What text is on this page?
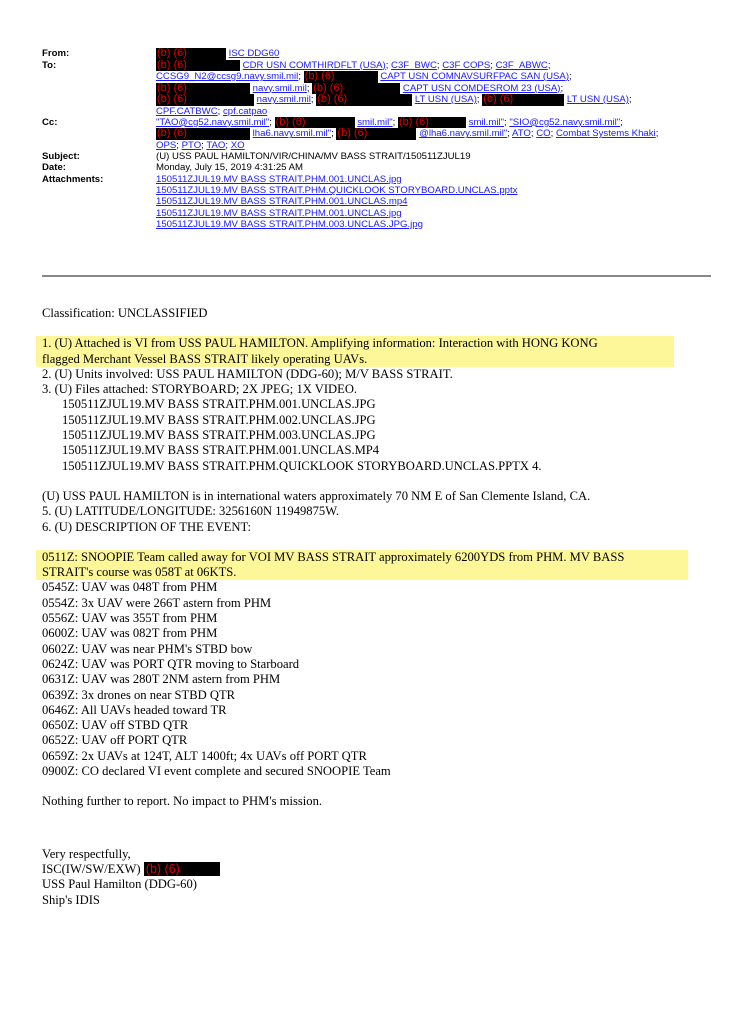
From:	(b) (6)	ISC DDG60
To:	(b) (6)	CDR USN COMTHIRDFLT (USA); C3F_BWC; C3F COPS; C3F_ABWC;
CCSG9_N2@ccsg9.navy.smil.mil; (b) (6)	CAPT USN COMNAVSURFPAC SAN (USA);
(b) (6)	navy.smil.mil; (b) (6)	CAPT USN COMDESROM 23 (USA);
(b) (6)	navy.smil.mil; (b) (6)	LT USN (USA); (b) (6)	LT USN (USA);
CPF.CATBWC; cpf.catpao
Cc:	"TAO@cg52.navy.smil.mil"; (b) (6)	smil.mil"; (b) (6)	smil.mil"; "SIO@cg52.navy.smil.mil";
(b) (6)	lha6.navy.smil.mil"; (b) (6)	@lha6.navy.smil.mil"; ATO; CO; Combat Systems Khaki;
OPS; PTO; TAO; XO
Subject:	(U) USS PAUL HAMILTON/VIR/CHINA/MV BASS STRAIT/150511ZJUL19
Date:	Monday, July 15, 2019 4:31:25 AM
Attachments:	150511ZJUL19.MV BASS STRAIT.PHM.001.UNCLAS.jpg
150511ZJUL19.MV BASS STRAIT.PHM.QUICKLOOK STORYBOARD.UNCLAS.pptx
150511ZJUL19.MV BASS STRAIT.PHM.001.UNCLAS.mp4
150511ZJUL19.MV BASS STRAIT.PHM.001.UNCLAS.jpg
150511ZJUL19.MV BASS STRAIT.PHM.003.UNCLAS.JPG.jpg
Classification: UNCLASSIFIED
1. (U) Attached is VI from USS PAUL HAMILTON. Amplifying information: Interaction with HONG KONG
flagged Merchant Vessel BASS STRAIT likely operating UAVs.
2. (U) Units involved: USS PAUL HAMILTON (DDG-60); M/V BASS STRAIT.
3. (U) Files attached: STORYBOARD; 2X JPEG; 1X VIDEO.
150511ZJUL19.MV BASS STRAIT.PHM.001.UNCLAS.JPG
150511ZJUL19.MV BASS STRAIT.PHM.002.UNCLAS.JPG
150511ZJUL19.MV BASS STRAIT.PHM.003.UNCLAS.JPG
150511ZJUL19.MV BASS STRAIT.PHM.001.UNCLAS.MP4
150511ZJUL19.MV BASS STRAIT.PHM.QUICKLOOK STORYBOARD.UNCLAS.PPTX 4.
(U) USS PAUL HAMILTON is in international waters approximately 70 NM E of San Clemente Island, CA.
5. (U) LATITUDE/LONGITUDE: 3256160N 11949875W.
6. (U) DESCRIPTION OF THE EVENT:
0511Z: SNOOPIE Team called away for VOI MV BASS STRAIT approximately 6200YDS from PHM. MV BASS
STRAIT's course was 058T at 06KTS.
0545Z: UAV was 048T from PHM
0554Z: 3x UAV were 266T astern from PHM
0556Z: UAV was 355T from PHM
0600Z: UAV was 082T from PHM
0602Z: UAV was near PHM's STBD bow
0624Z: UAV was PORT QTR moving to Starboard
0631Z: UAV was 280T 2NM astern from PHM
0639Z: 3x drones on near STBD QTR
0646Z: All UAVs headed toward TR
0650Z: UAV off STBD QTR
0652Z: UAV off PORT QTR
0659Z: 2x UAVs at 124T, ALT 1400ft; 4x UAVs off PORT QTR
0900Z: CO declared VI event complete and secured SNOOPIE Team
Nothing further to report. No impact to PHM's mission.
Very respectfully,
ISC(IW/SW/EXW) (b) (6)
USS Paul Hamilton (DDG-60)
Ship's IDIS
